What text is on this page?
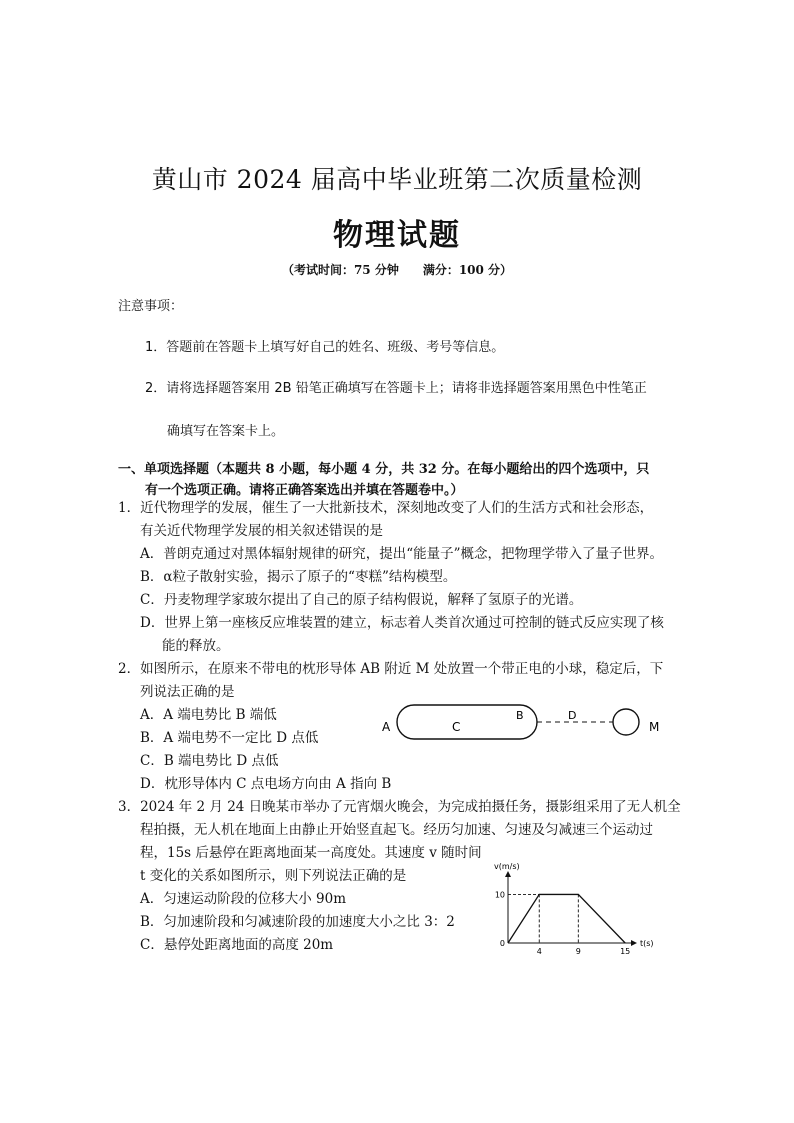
黄山市 2024 届高中毕业班第二次质量检测
物理试题
（考试时间：75 分钟　　满分：100 分）
注意事项：
1．答题前在答题卡上填写好自己的姓名、班级、考号等信息。
2．请将选择题答案用 2B 铅笔正确填写在答题卡上；请将非选择题答案用黑色中性笔正
确填写在答案卡上。
一、单项选择题（本题共 8 小题，每小题 4 分，共 32 分。在每小题给出的四个选项中，只
有一个选项正确。请将正确答案选出并填在答题卷中。）
1．近代物理学的发展，催生了一大批新技术，深刻地改变了人们的生活方式和社会形态，
有关近代物理学发展的相关叙述错误的是
A．普朗克通过对黑体辐射规律的研究，提出“能量子”概念，把物理学带入了量子世界。
B．α粒子散射实验，揭示了原子的“枣糕”结构模型。
C．丹麦物理学家玻尔提出了自己的原子结构假说，解释了氢原子的光谱。
D．世界上第一座核反应堆装置的建立，标志着人类首次通过可控制的链式反应实现了核
能的释放。
2．如图所示，在原来不带电的枕形导体 AB 附近 M 处放置一个带正电的小球，稳定后，下
列说法正确的是
A．A 端电势比 B 端低
B．A 端电势不一定比 D 点低
C．B 端电势比 D 点低
D．枕形导体内 C 点电场方向由 A 指向 B
A	C
B	D
M
3．2024 年 2 月 24 日晚某市举办了元宵烟火晚会，为完成拍摄任务，摄影组采用了无人机全
程拍摄，无人机在地面上由静止开始竖直起飞。经历匀加速、匀速及匀减速三个运动过
程，15s 后悬停在距离地面某一高度处。其速度 v 随时间
t 变化的关系如图所示，则下列说法正确的是
A．匀速运动阶段的位移大小 90m
B．匀加速阶段和匀减速阶段的加速度大小之比 3：2
C．悬停处距离地面的高度 20m
v(m/s)
t(s)
4	9	15
0
10
